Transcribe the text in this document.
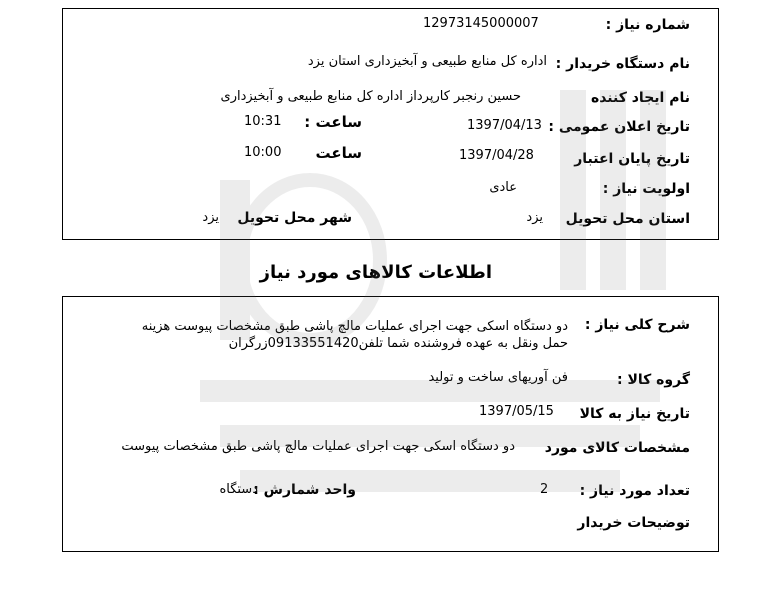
شماره نیاز :
12973145000007
نام دستگاه خریدار :
اداره کل منابع طبیعی و آبخیزداری استان یزد
نام ایجاد کننده
حسین رنجبر کارپرداز اداره کل منابع طبیعی و آبخیزداری
تاریخ اعلان عمومی :
1397/04/13
ساعت :
10:31
تاریخ پایان اعتبار
1397/04/28
ساعت
10:00
اولویت نیاز :
عادی
استان محل تحویل
یزد
شهر محل تحویل
یزد
اطلاعات کالاهای مورد نیاز
شرح کلی نیاز :
دو دستگاه اسکی جهت اجرای عملیات مالچ پاشی طبق مشخصات پیوست هزینه
حمل ونقل به عهده فروشنده شما تلفن09133551420زرگران
گروه کالا :
فن آوریهای ساخت و تولید
تاریخ نیاز به کالا
1397/05/15
مشخصات کالای مورد
دو دستگاه اسکی جهت اجرای عملیات مالچ پاشی طبق مشخصات پیوست
تعداد مورد نیاز :
2
واحد شمارش :
دستگاه
توضیحات خریدار
